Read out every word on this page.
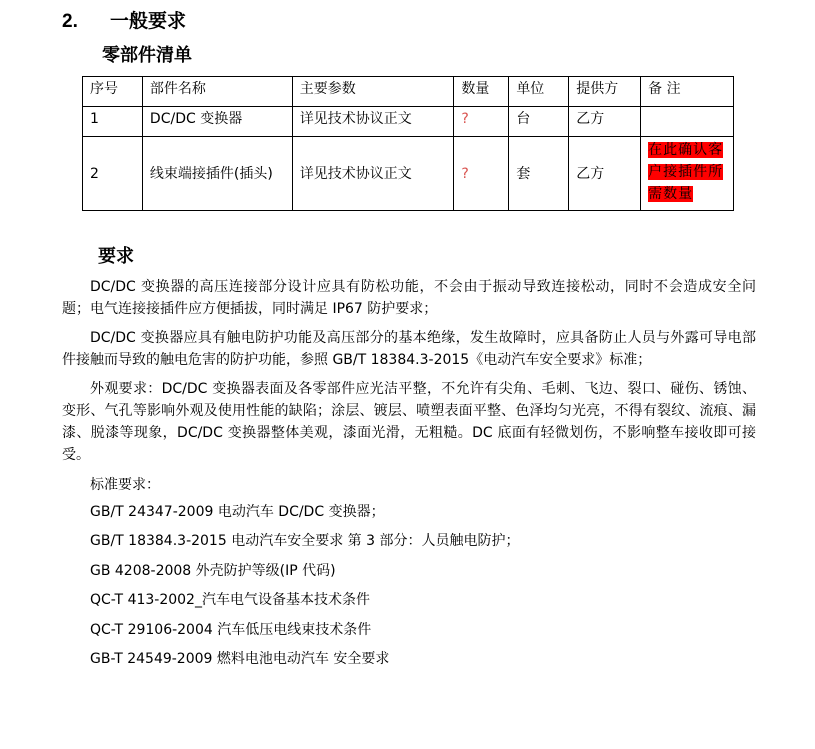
2. 一般要求
零部件清单
序号	部件名称	主要参数	数量	单位	提供方	备 注
1	DC/DC 变换器	详见技术协议正文	?	台	乙方	
2	线束端接插件(插头)	详见技术协议正文	?	套	乙方	在此确认客户接插件所需数量
要求

DC/DC 变换器的高压连接部分设计应具有防松功能，不会由于振动导致连接松动，同时不会造成安全问题；电气连接接插件应方便插拔，同时满足 IP67 防护要求；

DC/DC 变换器应具有触电防护功能及高压部分的基本绝缘，发生故障时，应具备防止人员与外露可导电部件接触而导致的触电危害的防护功能，参照 GB/T 18384.3-2015《电动汽车安全要求》标准；

外观要求：DC/DC 变换器表面及各零部件应光洁平整，不允许有尖角、毛刺、飞边、裂口、碰伤、锈蚀、变形、气孔等影响外观及使用性能的缺陷；涂层、镀层、喷塑表面平整、色泽均匀光亮，不得有裂纹、流痕、漏漆、脱漆等现象，DC/DC 变换器整体美观，漆面光滑，无粗糙。DC 底面有轻微划伤，不影响整车接收即可接受。

标准要求：

GB/T 24347-2009 电动汽车 DC/DC 变换器；
GB/T 18384.3-2015 电动汽车安全要求 第 3 部分：人员触电防护；
GB 4208-2008 外壳防护等级(IP 代码)
QC-T 413-2002_汽车电气设备基本技术条件
QC-T 29106-2004 汽车低压电线束技术条件
GB-T 24549-2009 燃料电池电动汽车 安全要求
